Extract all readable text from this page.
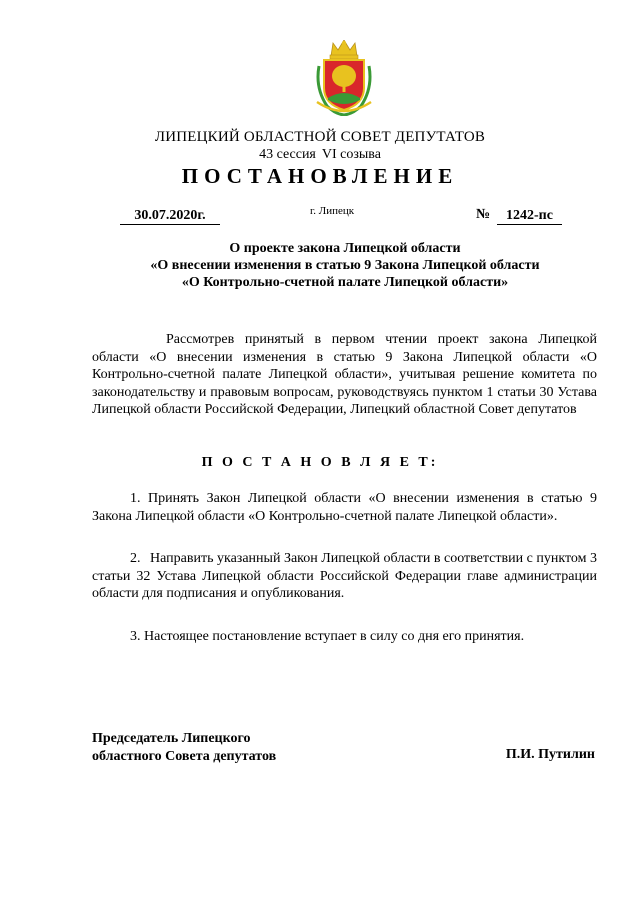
ЛИПЕЦКИЙ ОБЛАСТНОЙ СОВЕТ ДЕПУТАТОВ
43 сессия VI созыва
ПОСТАНОВЛЕНИЕ
30.07.2020г.	г. Липецк	№	1242-пс
О проекте закона Липецкой области
«О внесении изменения в статью 9 Закона Липецкой области
«О Контрольно-счетной палате Липецкой области»
Рассмотрев принятый в первом чтении проект закона Липецкой области «О внесении изменения в статью 9 Закона Липецкой области «О Контрольно-счетной палате Липецкой области», учитывая решение комитета по законодательству и правовым вопросам, руководствуясь пунктом 1 статьи 30 Устава Липецкой области Российской Федерации, Липецкий областной Совет депутатов
П О С Т А Н О В Л Я Е Т:
1. Принять Закон Липецкой области «О внесении изменения в статью 9 Закона Липецкой области «О Контрольно-счетной палате Липецкой области».
2. Направить указанный Закон Липецкой области в соответствии с пунктом 3 статьи 32 Устава Липецкой области Российской Федерации главе администрации области для подписания и опубликования.
3. Настоящее постановление вступает в силу со дня его принятия.
Председатель Липецкого
областного Совета депутатов	П.И. Путилин
